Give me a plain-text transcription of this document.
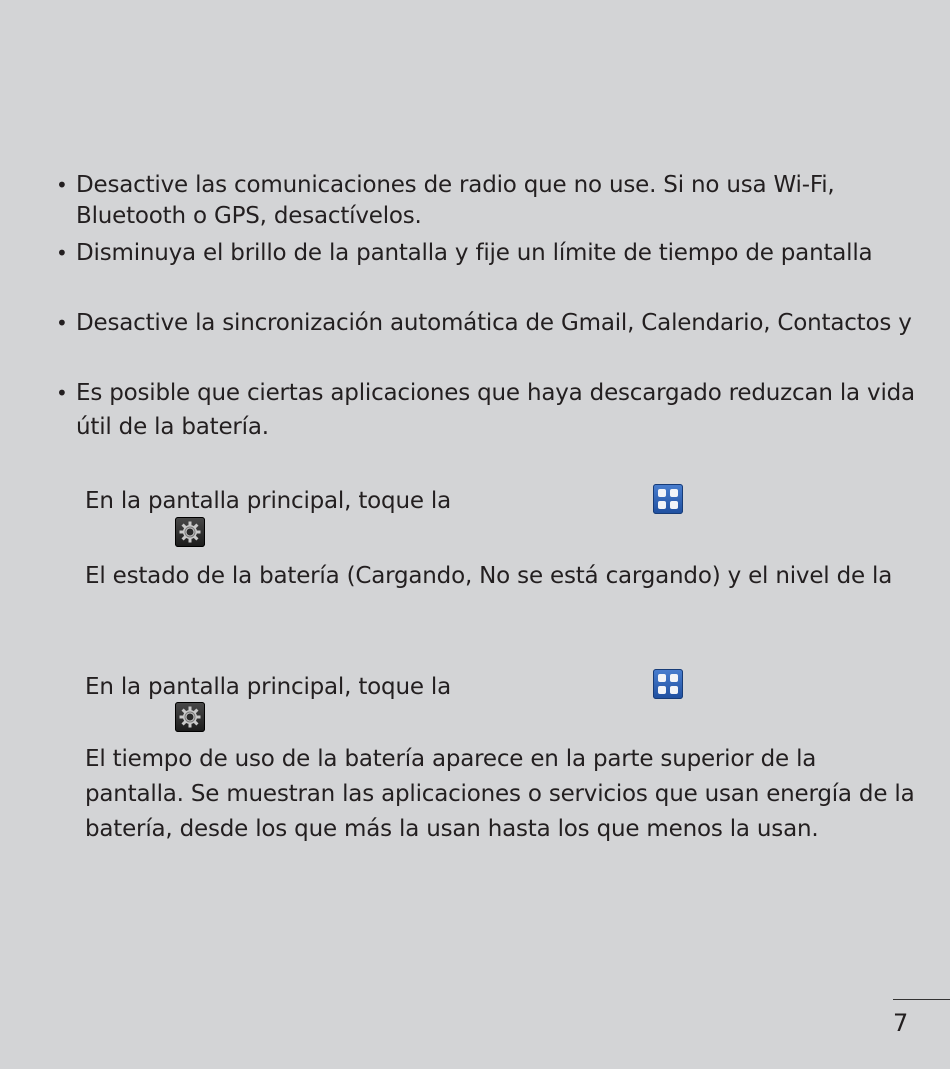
• Desactive las comunicaciones de radio que no use. Si no usa Wi-Fi,
Bluetooth o GPS, desactívelos.
• Disminuya el brillo de la pantalla y fije un límite de tiempo de pantalla
• Desactive la sincronización automática de Gmail, Calendario, Contactos y
• Es posible que ciertas aplicaciones que haya descargado reduzcan la vida
útil de la batería.
En la pantalla principal, toque la
El estado de la batería (Cargando, No se está cargando) y el nivel de la
En la pantalla principal, toque la
El tiempo de uso de la batería aparece en la parte superior de la
pantalla. Se muestran las aplicaciones o servicios que usan energía de la
batería, desde los que más la usan hasta los que menos la usan.
7
